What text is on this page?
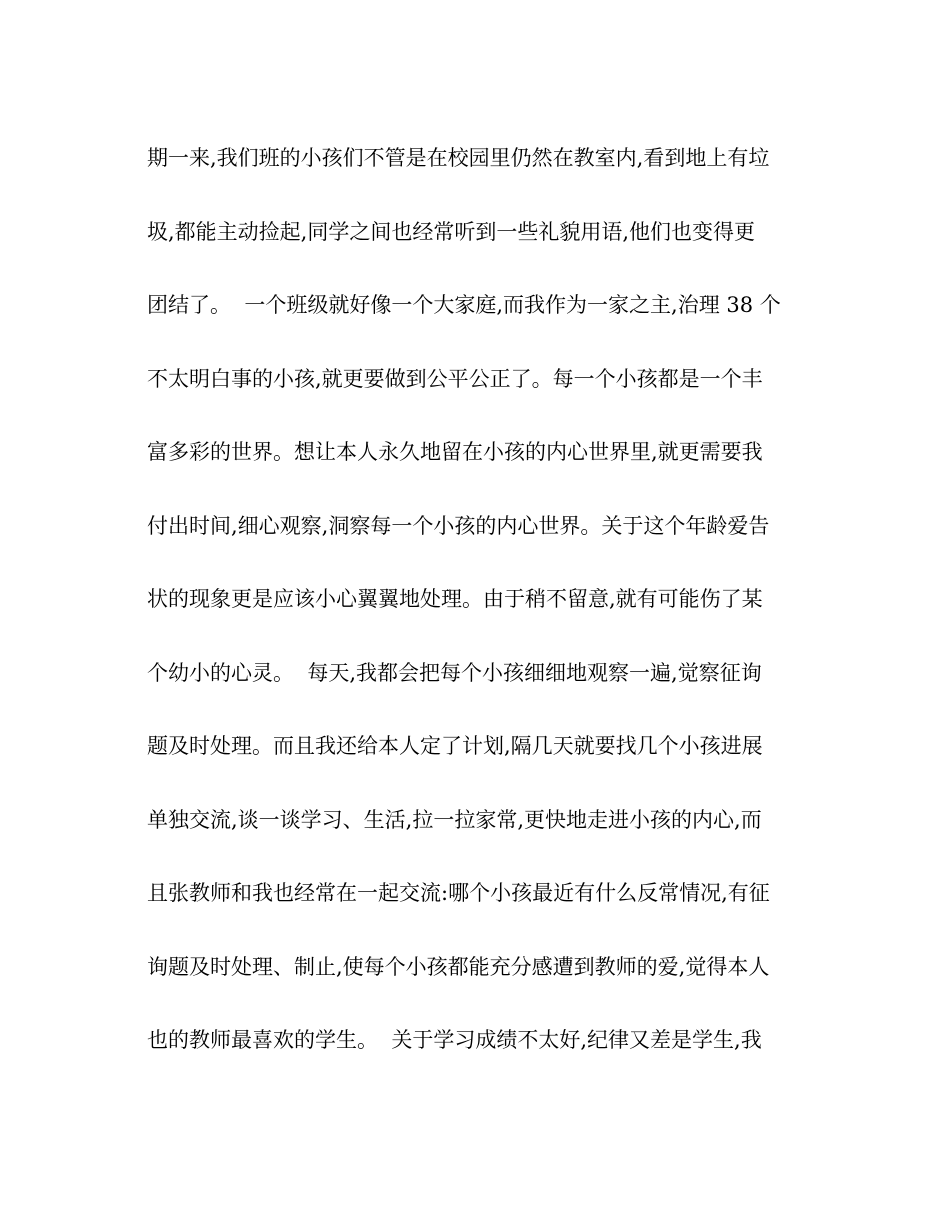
期一来,我们班的小孩们不管是在校园里仍然在教室内,看到地上有垃
圾,都能主动捡起,同学之间也经常听到一些礼貌用语,他们也变得更
团结了。  一个班级就好像一个大家庭,而我作为一家之主,治理 38 个
不太明白事的小孩,就更要做到公平公正了。每一个小孩都是一个丰
富多彩的世界。想让本人永久地留在小孩的内心世界里,就更需要我
付出时间,细心观察,洞察每一个小孩的内心世界。关于这个年龄爱告
状的现象更是应该小心翼翼地处理。由于稍不留意,就有可能伤了某
个幼小的心灵。  每天,我都会把每个小孩细细地观察一遍,觉察征询
题及时处理。而且我还给本人定了计划,隔几天就要找几个小孩进展
单独交流,谈一谈学习、生活,拉一拉家常,更快地走进小孩的内心,而
且张教师和我也经常在一起交流:哪个小孩最近有什么反常情况,有征
询题及时处理、制止,使每个小孩都能充分感遭到教师的爱,觉得本人
也的教师最喜欢的学生。  关于学习成绩不太好,纪律又差是学生,我
